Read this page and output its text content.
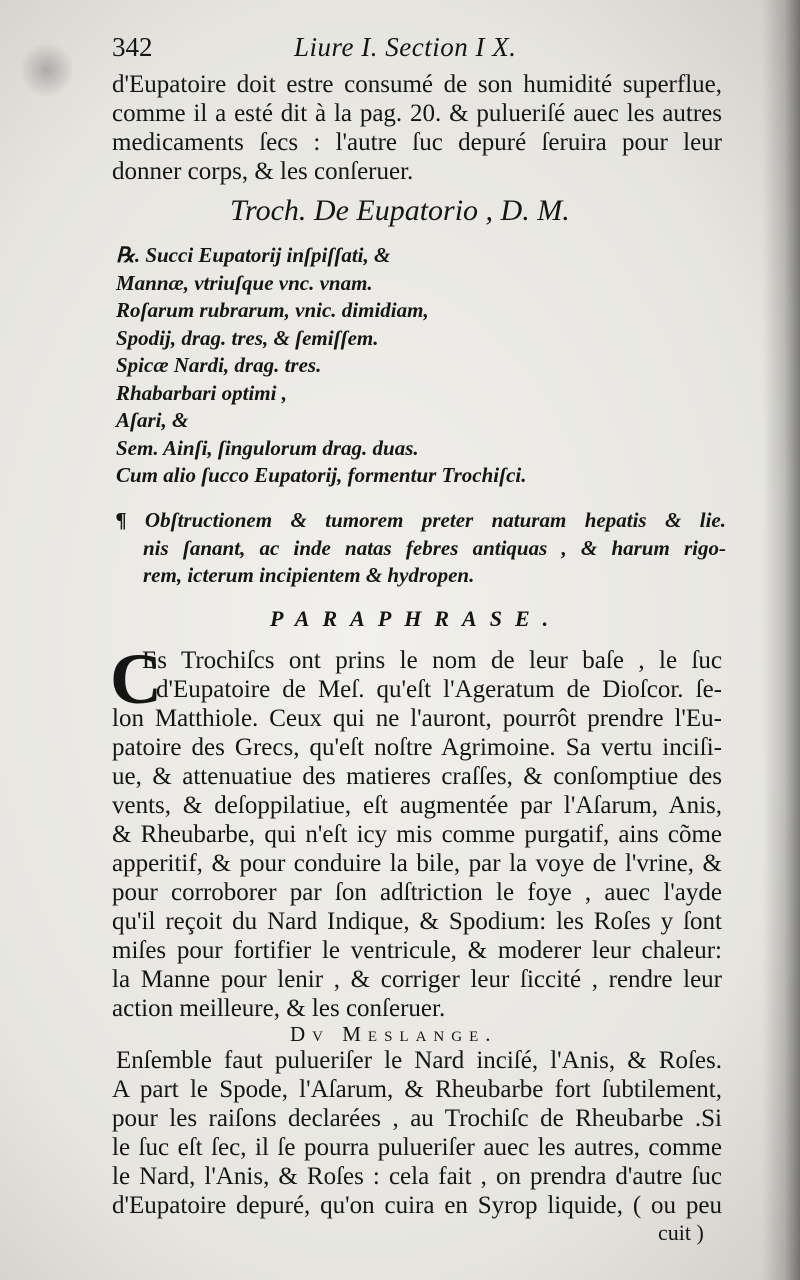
342	Liure I. Section I X.
d'Eupatoire doit estre consumé de son humidité superflue,
comme il a esté dit à la pag. 20. & pulueriſé auec les autres
medicaments ſecs : l'autre ſuc depuré ſeruira pour leur
donner corps, & les conſeruer.
Troch. De Eupatorio , D. M.
℞. Succi Eupatorij inſpiſſati, &
Mannæ, vtriuſque vnc. vnam.
Roſarum rubrarum, vnic. dimidiam,
Spodij, drag. tres, & ſemiſſem.
Spicæ Nardi, drag. tres.
Rhabarbari optimi ,
Aſari, &
Sem. Ainſi, ſingulorum drag. duas.
Cum alio ſucco Eupatorij, formentur Trochiſci.
¶ Obſtructionem & tumorem preter naturam hepatis & lie.
nis ſanant, ac inde natas febres antiquas , & harum rigo-
rem, icterum incipientem & hydropen.
PARAPHRASE.
C
Es Trochiſcs ont prins le nom de leur baſe , le ſuc
d'Eupatoire de Meſ. qu'eſt l'Ageratum de Dioſcor. ſe-
lon Matthiole. Ceux qui ne l'auront, pourrôt prendre l'Eu-
patoire des Grecs, qu'eſt noſtre Agrimoine. Sa vertu inciſi-
ue, & attenuatiue des matieres craſſes, & conſomptiue des
vents, & deſoppilatiue, eſt augmentée par l'Aſarum, Anis,
& Rheubarbe, qui n'eſt icy mis comme purgatif, ains cõme
apperitif, & pour conduire la bile, par la voye de l'vrine, &
pour corroborer par ſon adſtriction le foye , auec l'ayde
qu'il reçoit du Nard Indique, & Spodium: les Roſes y ſont
miſes pour fortifier le ventricule, & moderer leur chaleur:
la Manne pour lenir , & corriger leur ſiccité , rendre leur
action meilleure, & les conſeruer.
Dv Meslange.
Enſemble faut pulueriſer le Nard inciſé, l'Anis, & Roſes.
A part le Spode, l'Aſarum, & Rheubarbe fort ſubtilement,
pour les raiſons declarées , au Trochiſc de Rheubarbe .Si
le ſuc eſt ſec, il ſe pourra pulueriſer auec les autres, comme
le Nard, l'Anis, & Roſes : cela fait , on prendra d'autre ſuc
d'Eupatoire depuré, qu'on cuira en Syrop liquide, ( ou peu
cuit )
